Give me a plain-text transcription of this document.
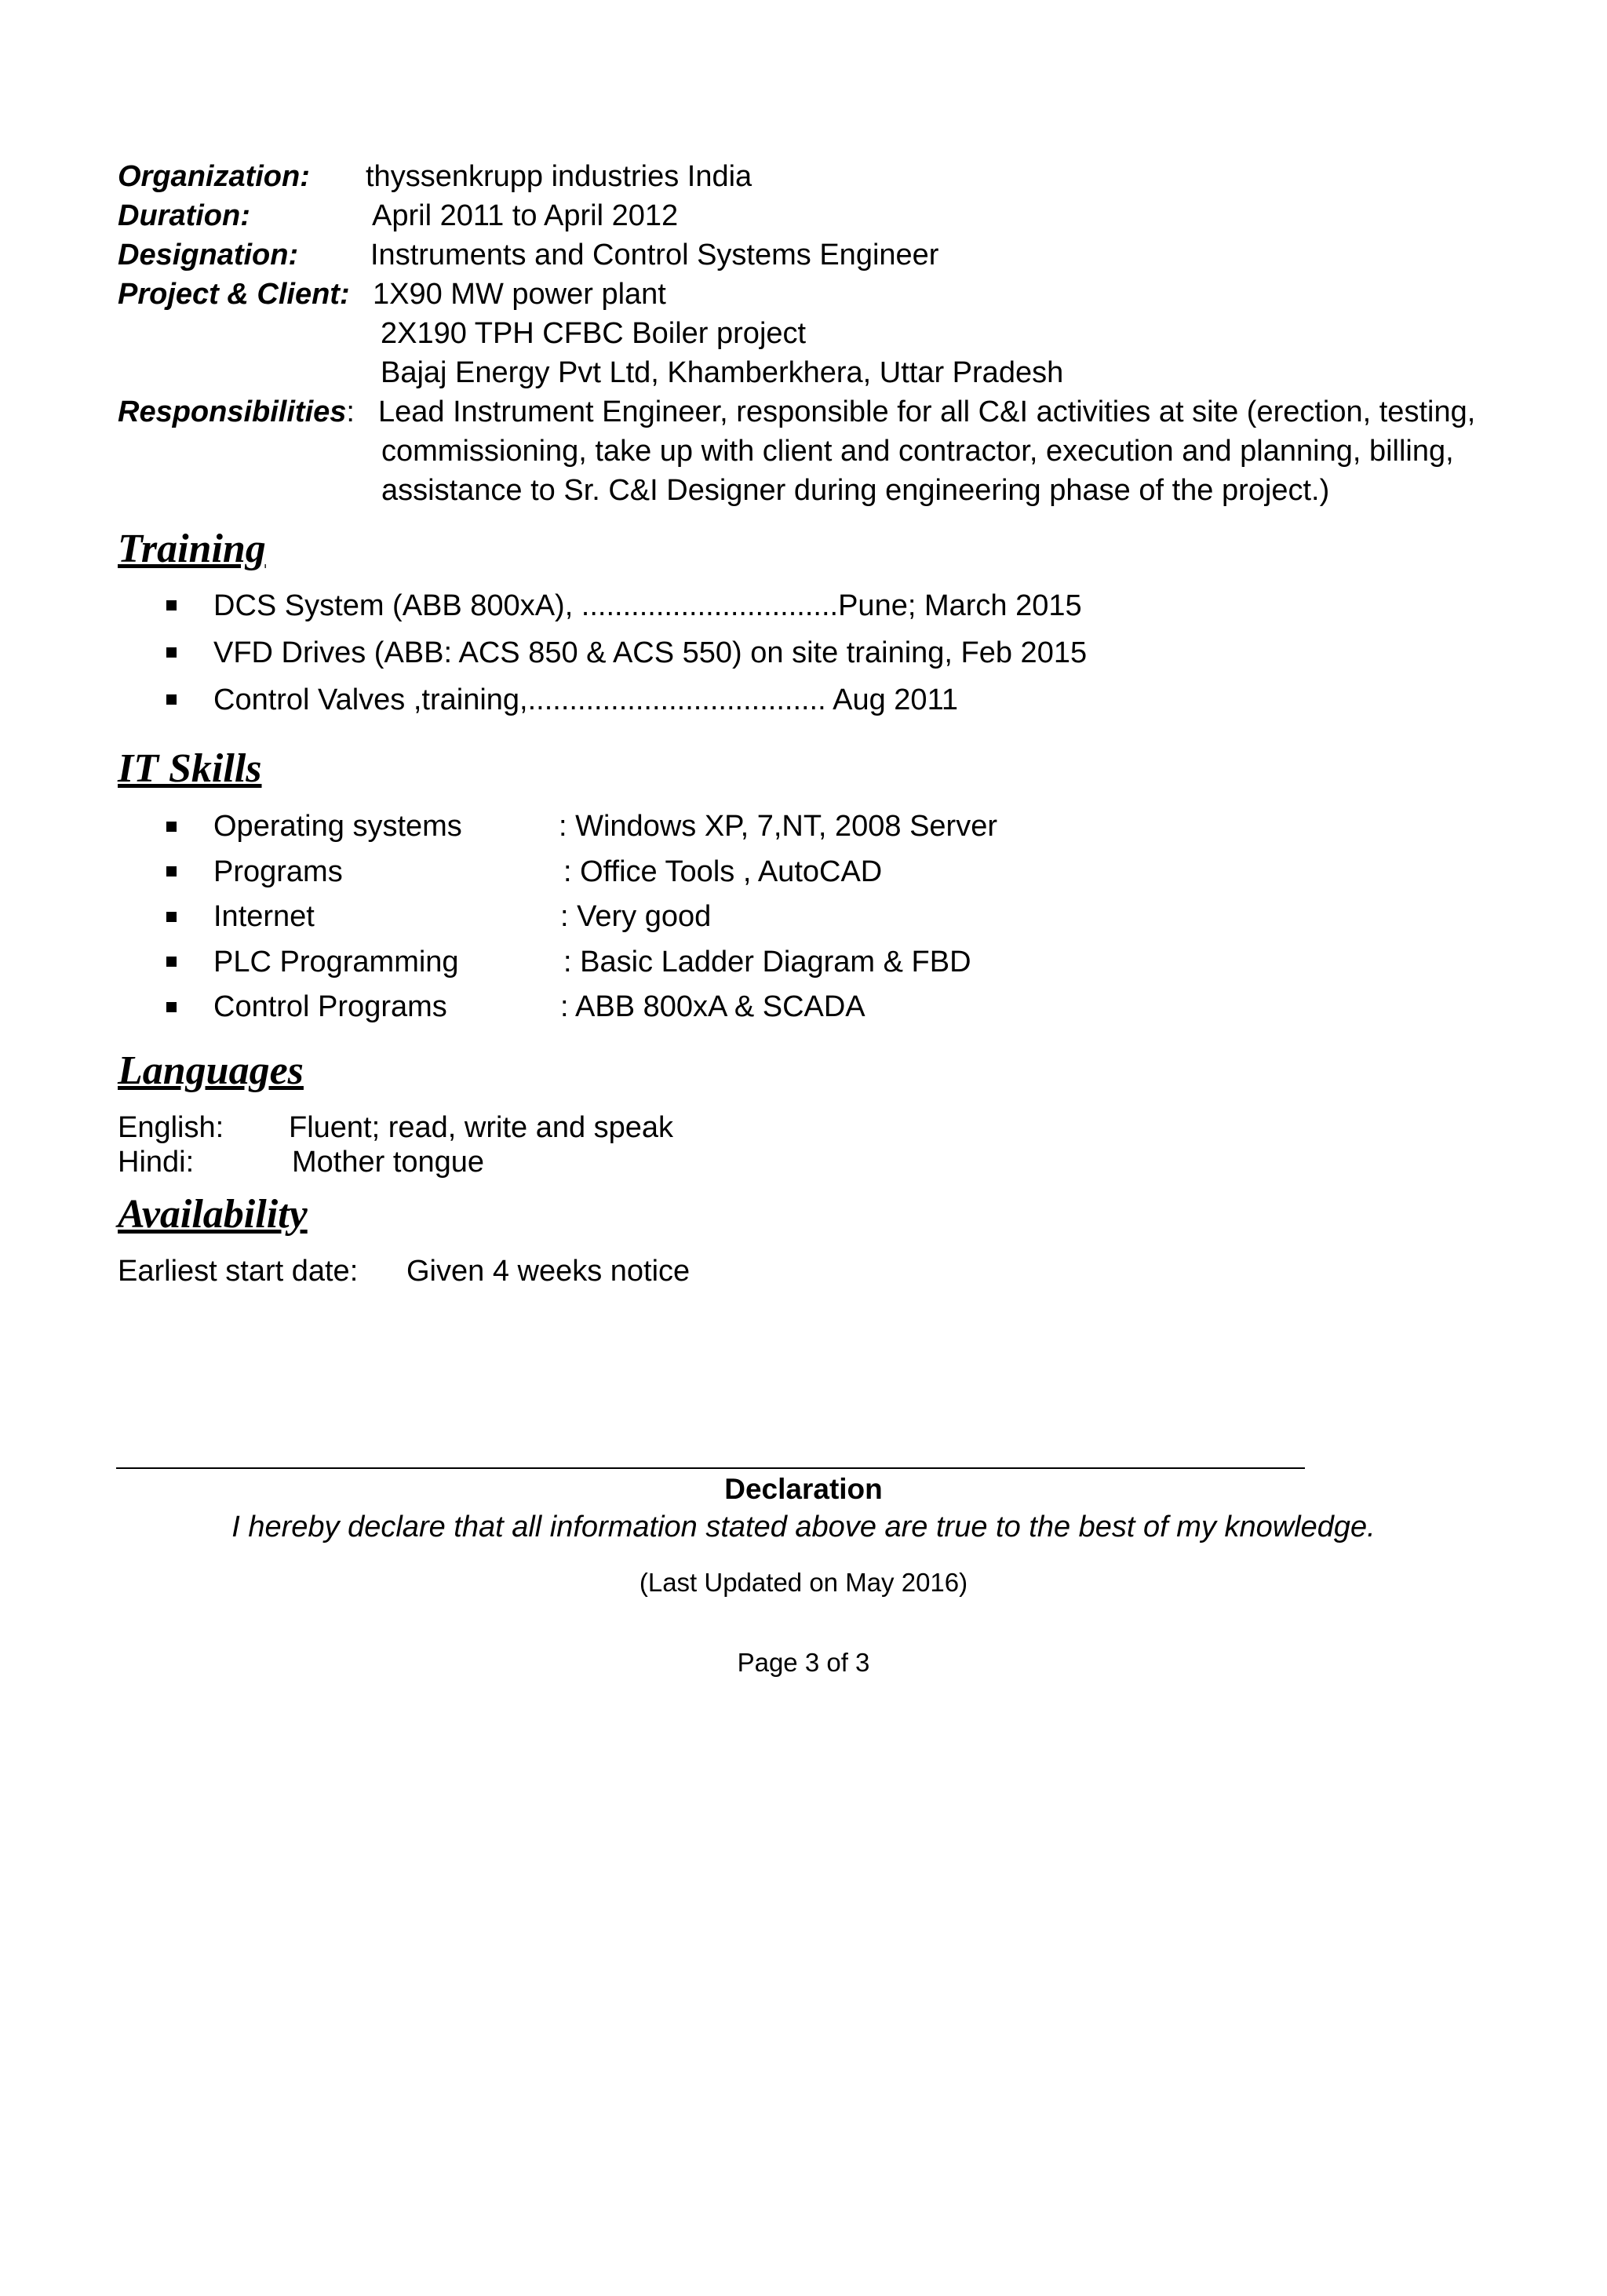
Organization: thyssenkrupp industries India
Duration:	April 2011 to April 2012
Designation: Instruments and Control Systems Engineer
Project & Client: 1X90 MW power plant
2X190 TPH CFBC Boiler project
Bajaj Energy Pvt Ltd, Khamberkhera, Uttar Pradesh
Responsibilities: Lead Instrument Engineer, responsible for all C&I activities at site (erection, testing,
commissioning, take up with client and contractor, execution and planning, billing,
assistance to Sr. C&I Designer during engineering phase of the project.)
Training
DCS System (ABB 800xA), ...............................Pune; March 2015
VFD Drives (ABB: ACS 850 & ACS 550) on site training, Feb 2015
Control Valves ,training,.................................... Aug 2011
IT Skills
Operating systems	: Windows XP, 7,NT, 2008 Server
Programs	: Office Tools , AutoCAD
Internet	: Very good
PLC Programming	: Basic Ladder Diagram & FBD
Control Programs	: ABB 800xA & SCADA
Languages
English: Fluent; read, write and speak
Hindi:	Mother tongue
Availability
Earliest start date: Given 4 weeks notice
Declaration
I hereby declare that all information stated above are true to the best of my knowledge.
(Last Updated on May 2016)
Page 3 of 3
